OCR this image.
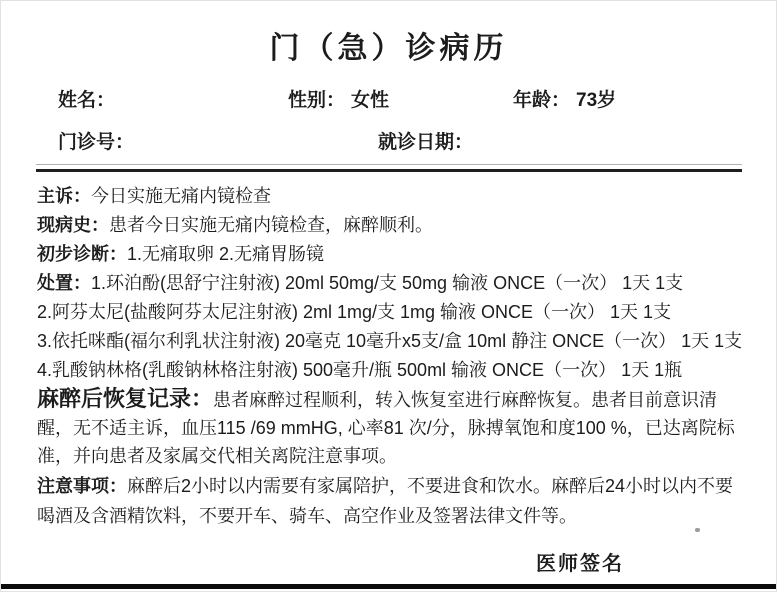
门（急）诊病历
姓名：	性别： 女性	年龄： 73岁
门诊号：	就诊日期：

主诉：今日实施无痛内镜检查

现病史：患者今日实施无痛内镜检查，麻醉顺利。

初步诊断：1.无痛取卵 2.无痛胃肠镜

处置：1.环泊酚(思舒宁注射液) 20ml 50mg/支 50mg 输液 ONCE（一次） 1天 1支

2.阿芬太尼(盐酸阿芬太尼注射液) 2ml 1mg/支 1mg 输液 ONCE（一次） 1天 1支

3.依托咪酯(福尔利乳状注射液) 20毫克 10毫升x5支/盒 10ml 静注 ONCE（一次） 1天 1支

4.乳酸钠林格(乳酸钠林格注射液) 500毫升/瓶 500ml 输液 ONCE（一次） 1天 1瓶

麻醉后恢复记录：患者麻醉过程顺利，转入恢复室进行麻醉恢复。患者目前意识清醒，无不适主诉，血压115 /69 mmHG, 心率81 次/分，脉搏氧饱和度100 %，已达离院标准，并向患者及家属交代相关离院注意事项。

注意事项：麻醉后2小时以内需要有家属陪护，不要进食和饮水。麻醉后24小时以内不要喝酒及含酒精饮料，不要开车、骑车、高空作业及签署法律文件等。

医师签名
